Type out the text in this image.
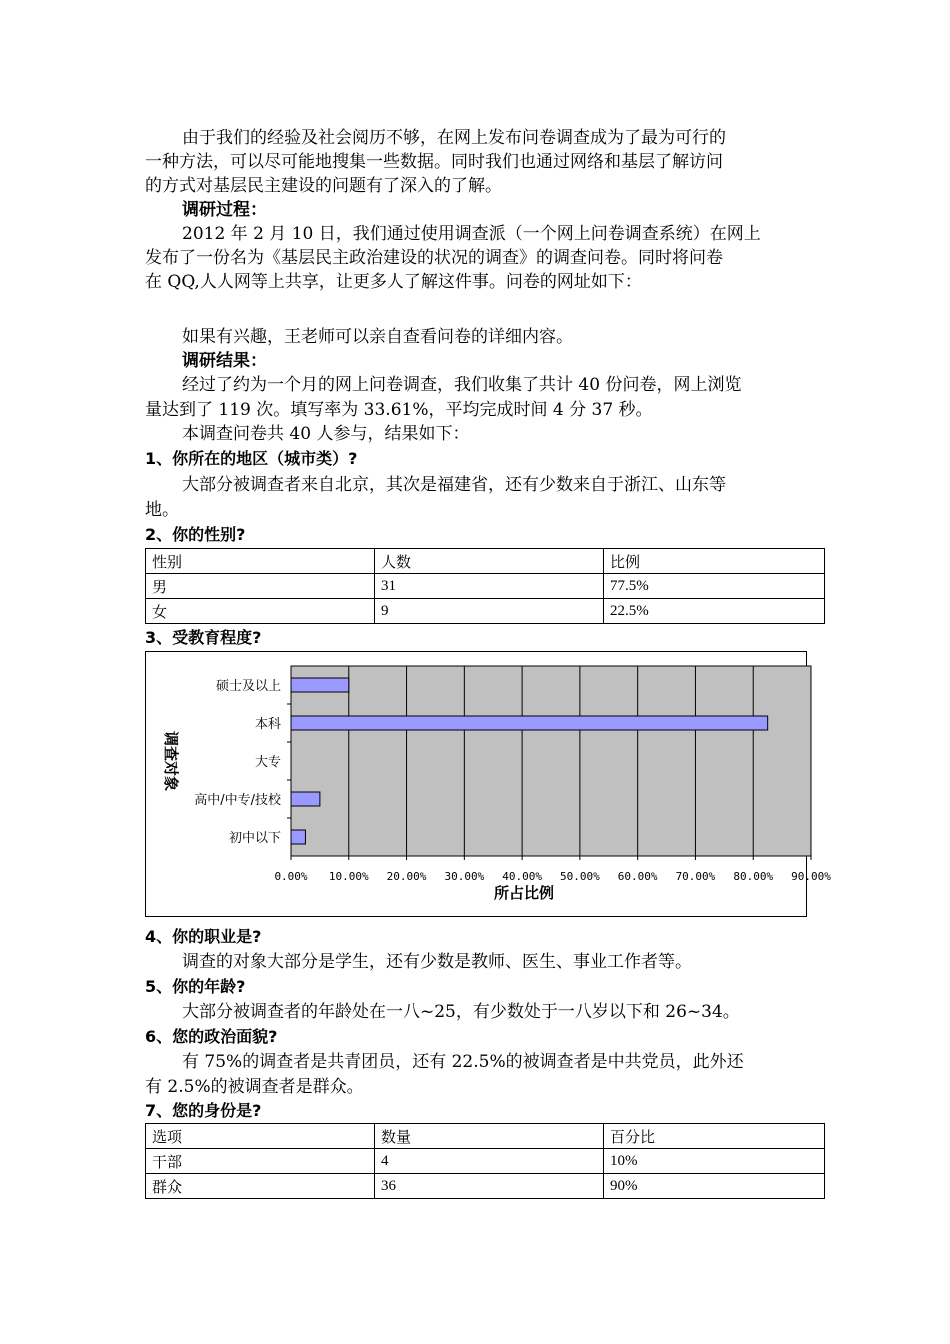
由于我们的经验及社会阅历不够，在网上发布问卷调查成为了最为可行的
一种方法，可以尽可能地搜集一些数据。同时我们也通过网络和基层了解访问
的方式对基层民主建设的问题有了深入的了解。
调研过程：
2012 年 2 月 10 日，我们通过使用调查派（一个网上问卷调查系统）在网上
发布了一份名为《基层民主政治建设的状况的调查》的调查问卷。同时将问卷
在 QQ,人人网等上共享，让更多人了解这件事。问卷的网址如下：
如果有兴趣，王老师可以亲自查看问卷的详细内容。
调研结果：
经过了约为一个月的网上问卷调查，我们收集了共计 40 份问卷，网上浏览
量达到了 119 次。填写率为 33.61%，平均完成时间 4 分 37 秒。
本调查问卷共 40 人参与，结果如下：
1、你所在的地区（城市类）?
大部分被调查者来自北京，其次是福建省，还有少数来自于浙江、山东等
地。
2、你的性别?
性别	人数	比例
男	31	77.5%
女	9	22.5%
3、受教育程度?
0.00% 10.00% 20.00% 30.00% 40.00% 50.00% 60.00% 70.00% 80.00% 90.00%
硕士及以上
本科
大专
高中/中专/技校
初中以下
所占比例
调查对象
4、你的职业是?
调查的对象大部分是学生，还有少数是教师、医生、事业工作者等。
5、你的年龄?
大部分被调查者的年龄处在一八~25，有少数处于一八岁以下和 26~34。
6、您的政治面貌?
有 75%的调查者是共青团员，还有 22.5%的被调查者是中共党员，此外还
有 2.5%的被调查者是群众。
7、您的身份是?
选项	数量	百分比
干部	4	10%
群众	36	90%
